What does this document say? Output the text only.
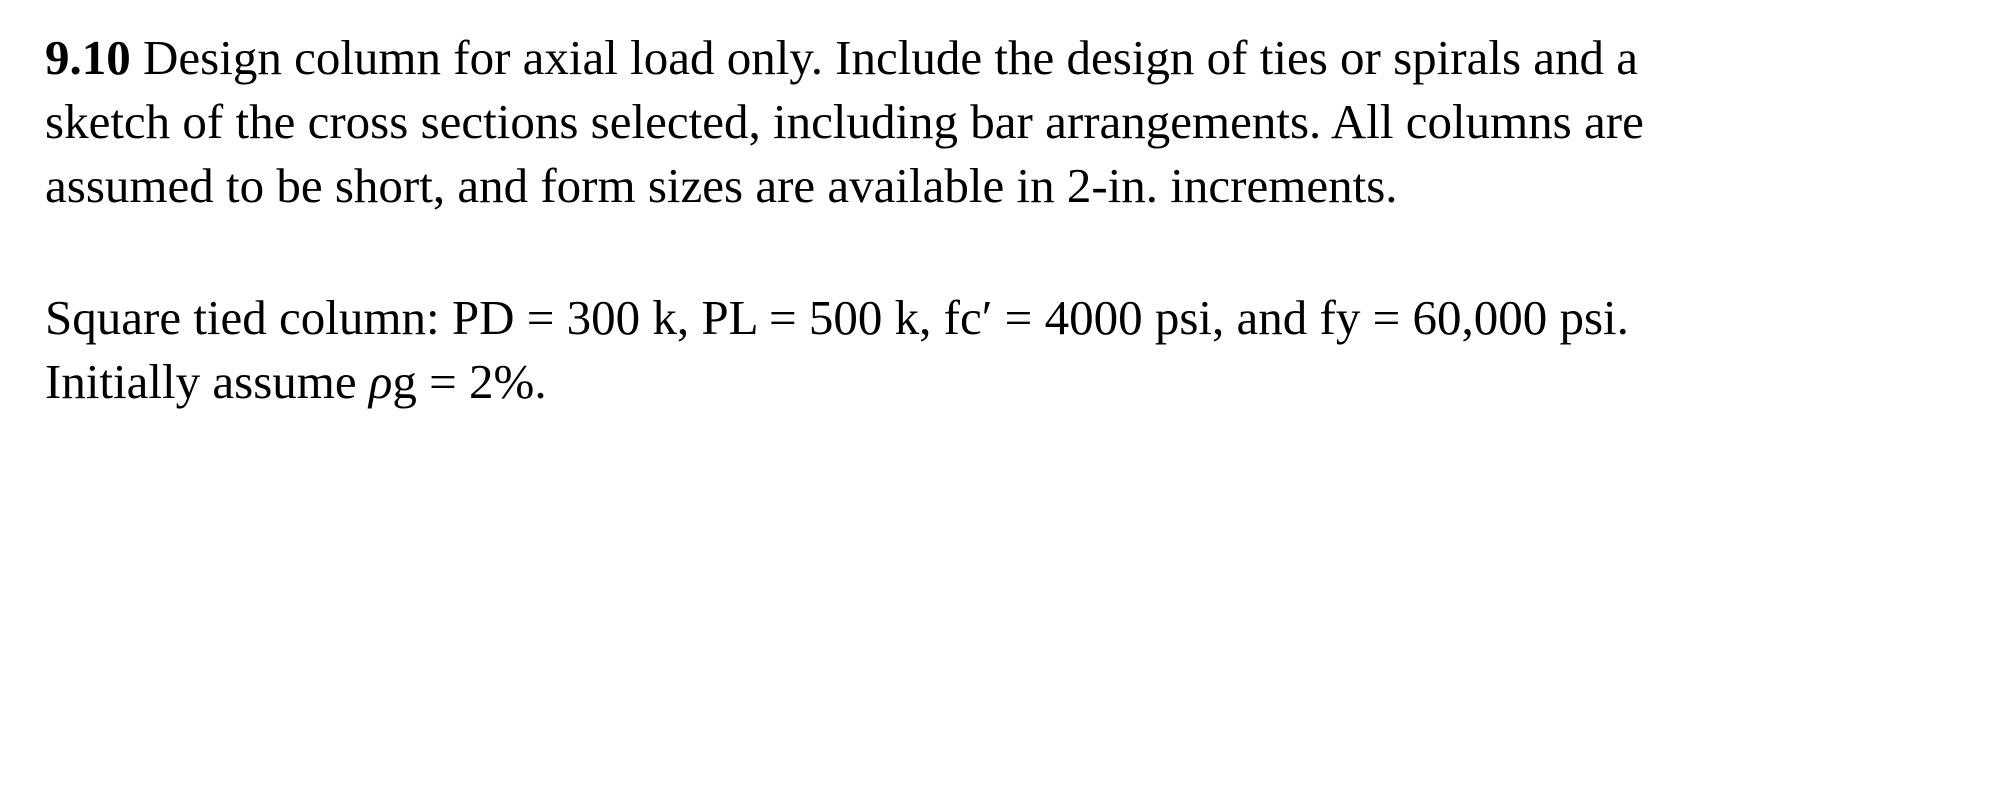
9.10 Design column for axial load only. Include the design of ties or spirals and a
sketch of the cross sections selected, including bar arrangements. All columns are
assumed to be short, and form sizes are available in 2-in. increments.

Square tied column: PD = 300 k, PL = 500 k, fc′ = 4000 psi, and fy = 60,000 psi.
Initially assume ρg = 2%.
